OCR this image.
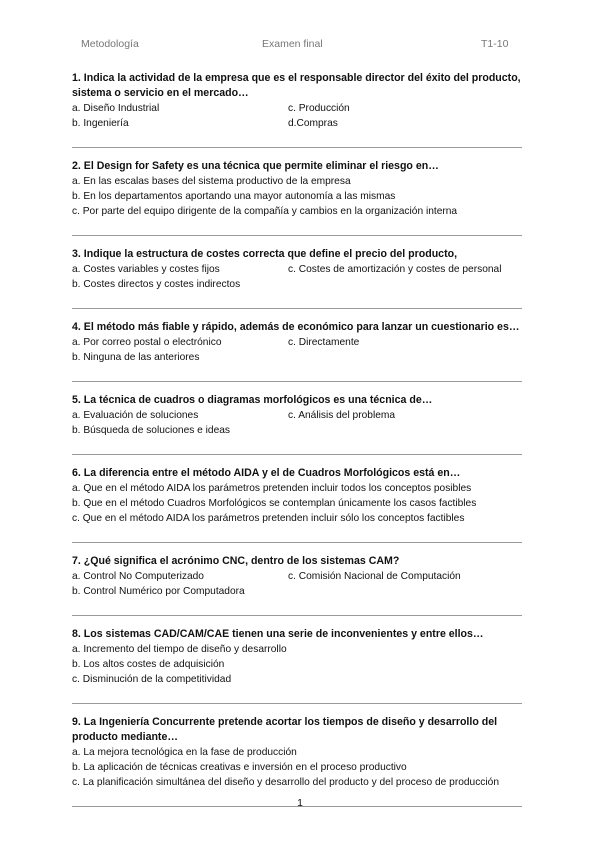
Metodología	Examen final	T1-10
1. Indica la actividad de la empresa que es el responsable director del éxito del producto, sistema o servicio en el mercado…
a. Diseño Industrial	c. Producción
b. Ingeniería	d.Compras
2. El Design for Safety es una técnica que permite eliminar el riesgo en…
a. En las escalas bases del sistema productivo de la empresa
b. En los departamentos aportando una mayor autonomía a las mismas
c. Por parte del equipo dirigente de la compañía y cambios en la organización interna
3. Indique la estructura de costes correcta que define el precio del producto,
a. Costes variables y costes fijos	c. Costes de amortización y costes de personal
b. Costes directos y costes indirectos
4. El método más fiable y rápido, además de económico para lanzar un cuestionario es…
a. Por correo postal o electrónico	c. Directamente
b. Ninguna de las anteriores
5. La técnica de cuadros o diagramas morfológicos es una técnica de…
a. Evaluación de soluciones	c. Análisis del problema
b. Búsqueda de soluciones e ideas
6. La diferencia entre el método AIDA y el de Cuadros Morfológicos está en…
a. Que en el método AIDA los parámetros pretenden incluir todos los conceptos posibles
b. Que en el método Cuadros Morfológicos se contemplan únicamente los casos factibles
c. Que en el método AIDA los parámetros pretenden incluir sólo los conceptos factibles
7. ¿Qué significa el acrónimo CNC, dentro de los sistemas CAM?
a. Control No Computerizado	c. Comisión Nacional de Computación
b. Control Numérico por Computadora
8. Los sistemas CAD/CAM/CAE tienen una serie de inconvenientes y entre ellos…
a. Incremento del tiempo de diseño y desarrollo
b. Los altos costes de adquisición
c. Disminución de la competitividad
9. La Ingeniería Concurrente pretende acortar los tiempos de diseño y desarrollo del producto mediante…
a. La mejora tecnológica en la fase de producción
b. La aplicación de técnicas creativas e inversión en el proceso productivo
c. La planificación simultánea del diseño y desarrollo del producto y del proceso de producción
1
